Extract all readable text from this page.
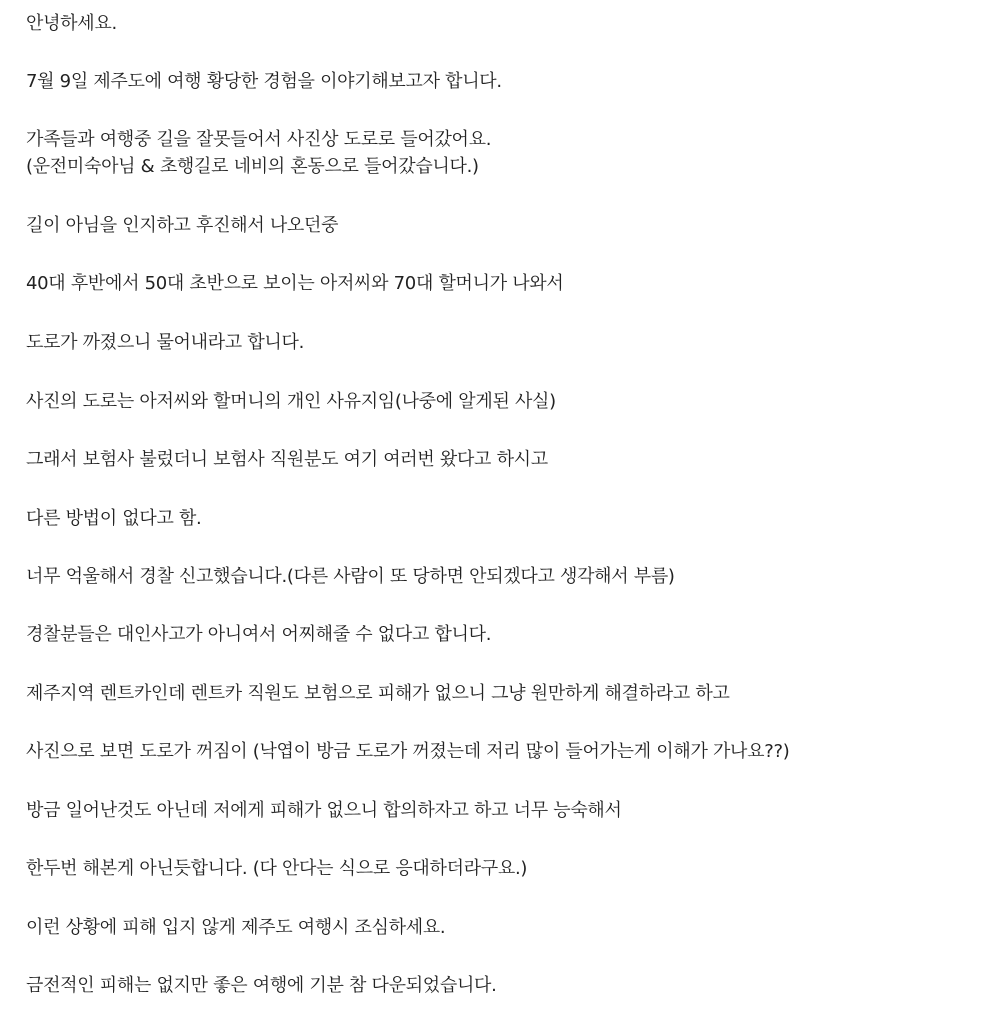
안녕하세요.
7월 9일 제주도에 여행 황당한 경험을 이야기해보고자 합니다.
가족들과 여행중 길을 잘못들어서 사진상 도로로 들어갔어요.
(운전미숙아님 & 초행길로 네비의 혼동으로 들어갔습니다.)
길이 아님을 인지하고 후진해서 나오던중
40대 후반에서 50대 초반으로 보이는 아저씨와 70대 할머니가 나와서
도로가 까졌으니 물어내라고 합니다.
사진의 도로는 아저씨와 할머니의 개인 사유지임(나중에 알게된 사실)
그래서 보험사 불렀더니 보험사 직원분도 여기 여러번 왔다고 하시고
다른 방법이 없다고 함.
너무 억울해서 경찰 신고했습니다.(다른 사람이 또 당하면 안되겠다고 생각해서 부름)
경찰분들은 대인사고가 아니여서 어찌해줄 수 없다고 합니다.
제주지역 렌트카인데 렌트카 직원도 보험으로 피해가 없으니 그냥 원만하게 해결하라고 하고
사진으로 보면 도로가 꺼짐이 (낙엽이 방금 도로가 꺼졌는데 저리 많이 들어가는게 이해가 가나요??)
방금 일어난것도 아닌데 저에게 피해가 없으니 합의하자고 하고 너무 능숙해서
한두번 해본게 아닌듯합니다. (다 안다는 식으로 응대하더라구요.)
이런 상황에 피해 입지 않게 제주도 여행시 조심하세요.
금전적인 피해는 없지만 좋은 여행에 기분 참 다운되었습니다.
